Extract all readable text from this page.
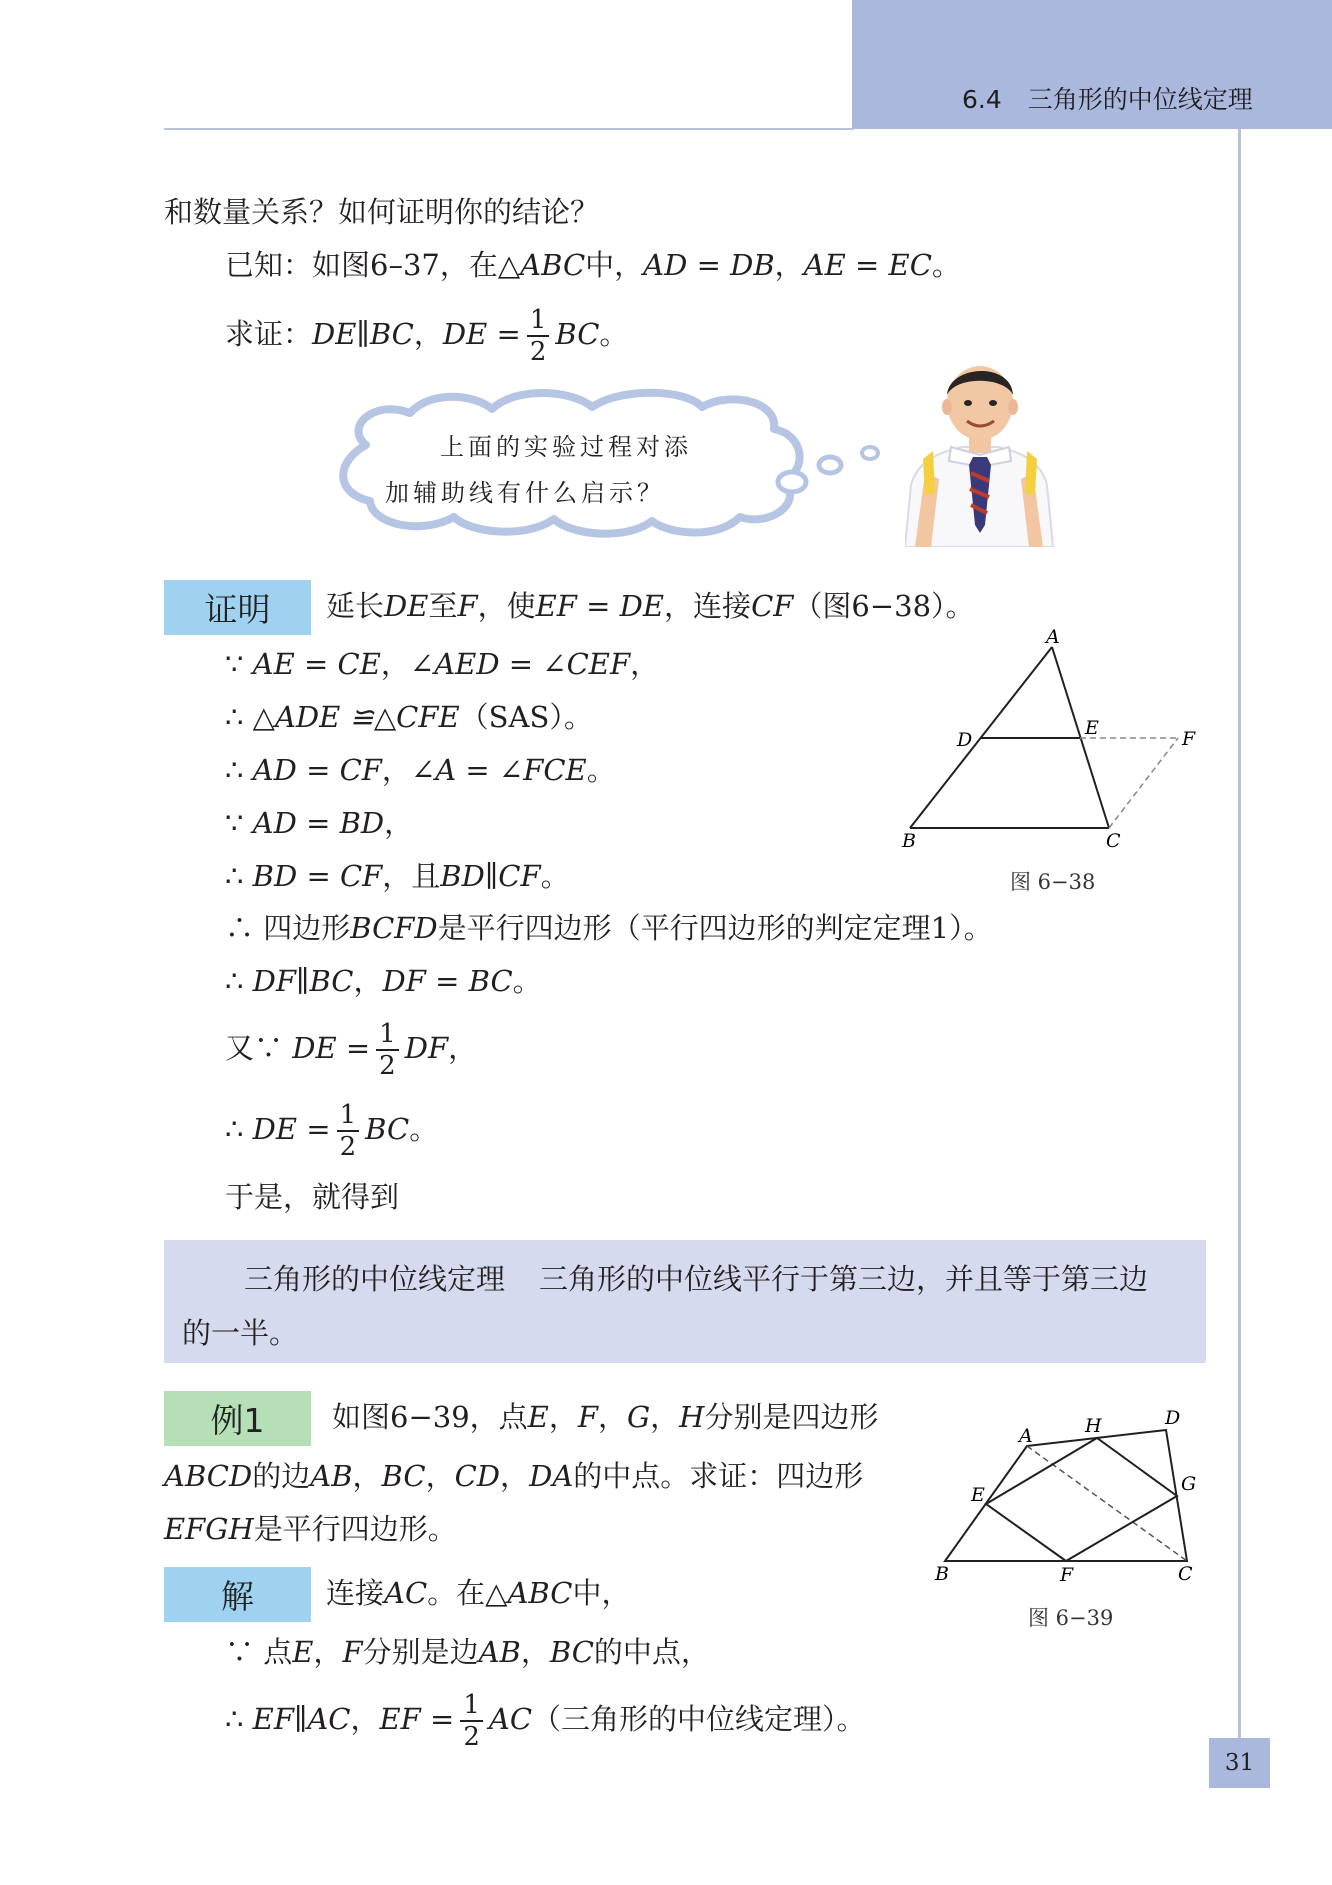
6.4 三角形的中位线定理
和数量关系？如何证明你的结论？
已知：如图6–37，在△ABC中，AD = DB，AE = EC。
求证：DE∥BC，DE = $\frac{1}{2}$ BC。
上面的实验过程对添
加辅助线有什么启示？
证明	延长DE至F，使EF = DE，连接CF（图6−38）。
∵ AE = CE，∠AED = ∠CEF，
∴ △ADE ≌△CFE（SAS）。
∴ AD = CF，∠A = ∠FCE。
∵ AD = BD，
∴ BD = CF，且BD∥CF。
∴ 四边形BCFD是平行四边形（平行四边形的判定定理1）。
∴ DF∥BC，DF = BC。
又∵ DE = $\frac{1}{2}$ DF，
∴ DE = $\frac{1}{2}$ BC。
于是，就得到
A
B	C
D
E	F
图 6−38
三角形的中位线定理 三角形的中位线平行于第三边，并且等于第三边
的一半。
例1	如图6−39，点E，F，G，H分别是四边形
ABCD的边AB，BC，CD，DA的中点。求证：四边形
EFGH是平行四边形。
A
B	C
D
E
F
G
H
图 6−39
解	连接AC。在△ABC中，
∵ 点E，F分别是边AB，BC的中点，
∴ EF∥AC，EF = $\frac{1}{2} AC$（三角形的中位线定理）。
31
